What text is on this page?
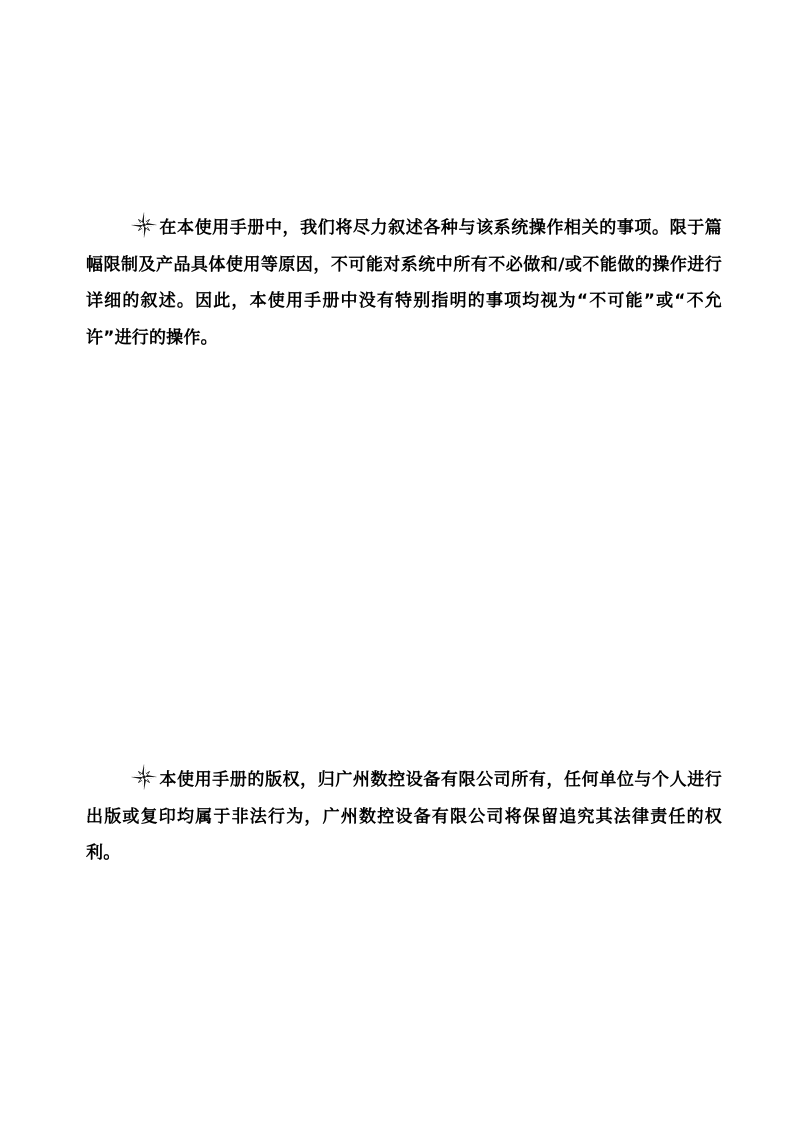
在本使用手册中，我们将尽力叙述各种与该系统操作相关的事项。限于篇幅限制及产品具体使用等原因，不可能对系统中所有不必做和/或不能做的操作进行详细的叙述。因此，本使用手册中没有特别指明的事项均视为“不可能”或“不允许”进行的操作。
本使用手册的版权，归广州数控设备有限公司所有，任何单位与个人进行出版或复印均属于非法行为，广州数控设备有限公司将保留追究其法律责任的权利。
